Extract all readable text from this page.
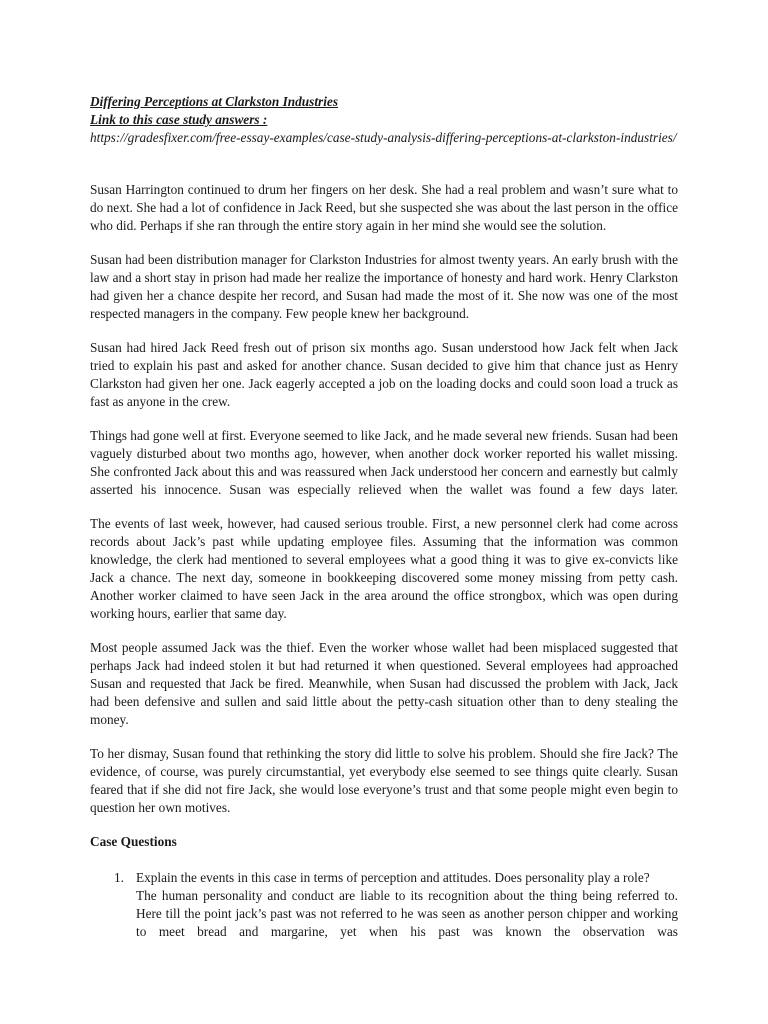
Differing Perceptions at Clarkston Industries
Link to this case study answers :
https://gradesfixer.com/free-essay-examples/case-study-analysis-differing-perceptions-at-clarkston-industries/

Susan Harrington continued to drum her fingers on her desk. She had a real problem and wasn’t sure what to do next. She had a lot of confidence in Jack Reed, but she suspected she was about the last person in the office who did. Perhaps if she ran through the entire story again in her mind she would see the solution.

Susan had been distribution manager for Clarkston Industries for almost twenty years. An early brush with the law and a short stay in prison had made her realize the importance of honesty and hard work. Henry Clarkston had given her a chance despite her record, and Susan had made the most of it. She now was one of the most respected managers in the company. Few people knew her background.

Susan had hired Jack Reed fresh out of prison six months ago. Susan understood how Jack felt when Jack tried to explain his past and asked for another chance. Susan decided to give him that chance just as Henry Clarkston had given her one. Jack eagerly accepted a job on the loading docks and could soon load a truck as fast as anyone in the crew.

Things had gone well at first. Everyone seemed to like Jack, and he made several new friends. Susan had been vaguely disturbed about two months ago, however, when another dock worker reported his wallet missing. She confronted Jack about this and was reassured when Jack understood her concern and earnestly but calmly asserted his innocence. Susan was especially relieved when the wallet was found a few days later.

The events of last week, however, had caused serious trouble. First, a new personnel clerk had come across records about Jack’s past while updating employee files. Assuming that the information was common knowledge, the clerk had mentioned to several employees what a good thing it was to give ex-convicts like Jack a chance. The next day, someone in bookkeeping discovered some money missing from petty cash. Another worker claimed to have seen Jack in the area around the office strongbox, which was open during working hours, earlier that same day.

Most people assumed Jack was the thief. Even the worker whose wallet had been misplaced suggested that perhaps Jack had indeed stolen it but had returned it when questioned. Several employees had approached Susan and requested that Jack be fired. Meanwhile, when Susan had discussed the problem with Jack, Jack had been defensive and sullen and said little about the petty-cash situation other than to deny stealing the money.

To her dismay, Susan found that rethinking the story did little to solve his problem. Should she fire Jack? The evidence, of course, was purely circumstantial, yet everybody else seemed to see things quite clearly. Susan feared that if she did not fire Jack, she would lose everyone’s trust and that some people might even begin to question her own motives.

Case Questions
1. Explain the events in this case in terms of perception and attitudes. Does personality play a role?
The human personality and conduct are liable to its recognition about the thing being referred to. Here till the point jack’s past was not referred to he was seen as another person chipper and working to meet bread and margarine, yet when his past was known the observation was
